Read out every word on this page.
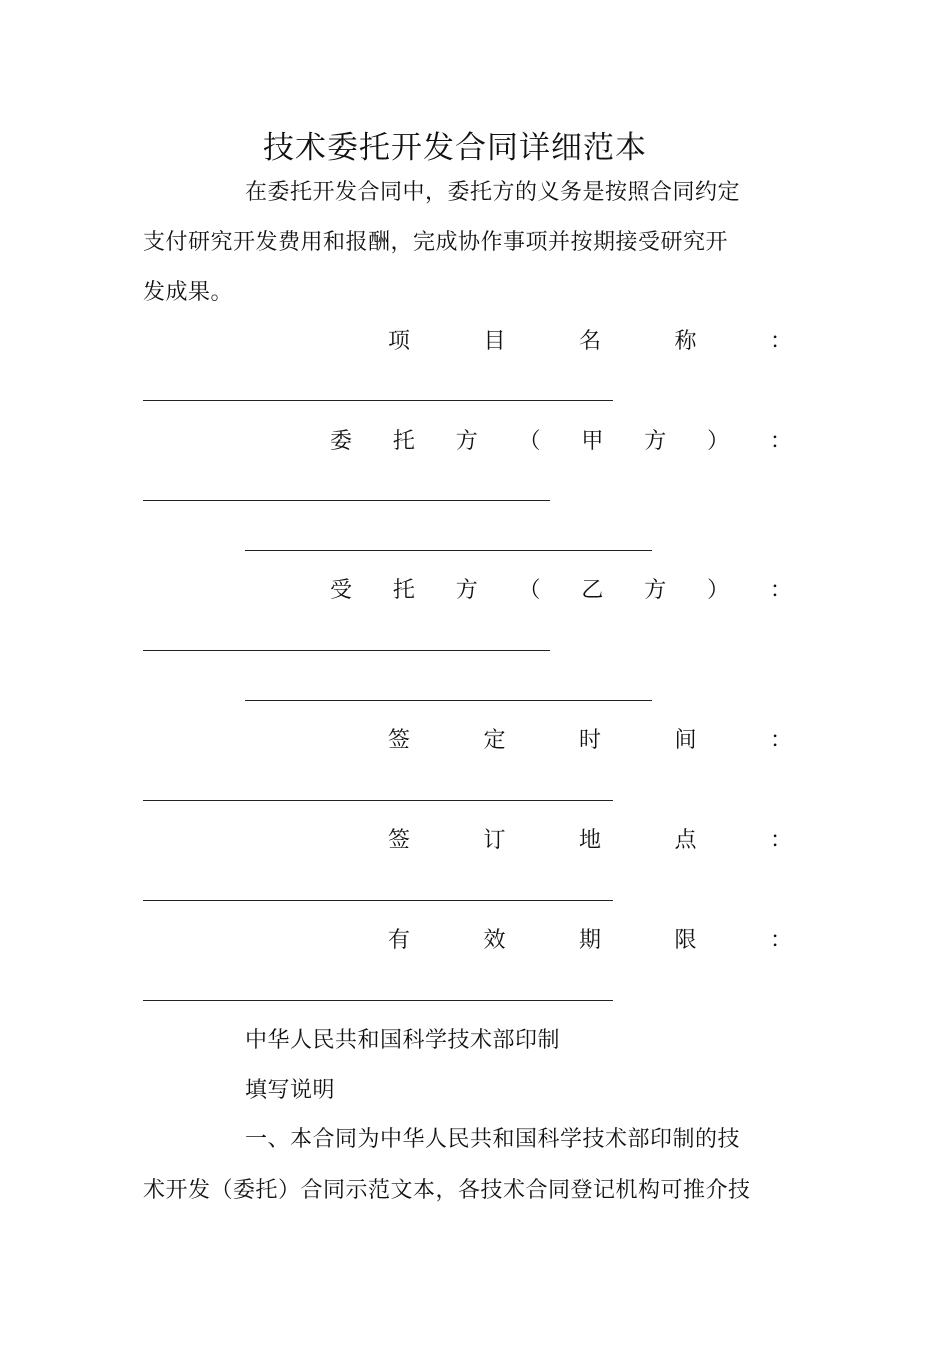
技术委托开发合同详细范本
在委托开发合同中，委托方的义务是按照合同约定
支付研究开发费用和报酬，完成协作事项并按期接受研究开
发成果。
项	目	名	称	：
委 托 方 （ 甲 方 ） ：
受 托 方 （ 乙 方 ） ：
签	定	时	间	：
签	订	地	点	：
有	效	期	限	：
中华人民共和国科学技术部印制
填写说明
一、本合同为中华人民共和国科学技术部印制的技
术开发（委托）合同示范文本，各技术合同登记机构可推介技
